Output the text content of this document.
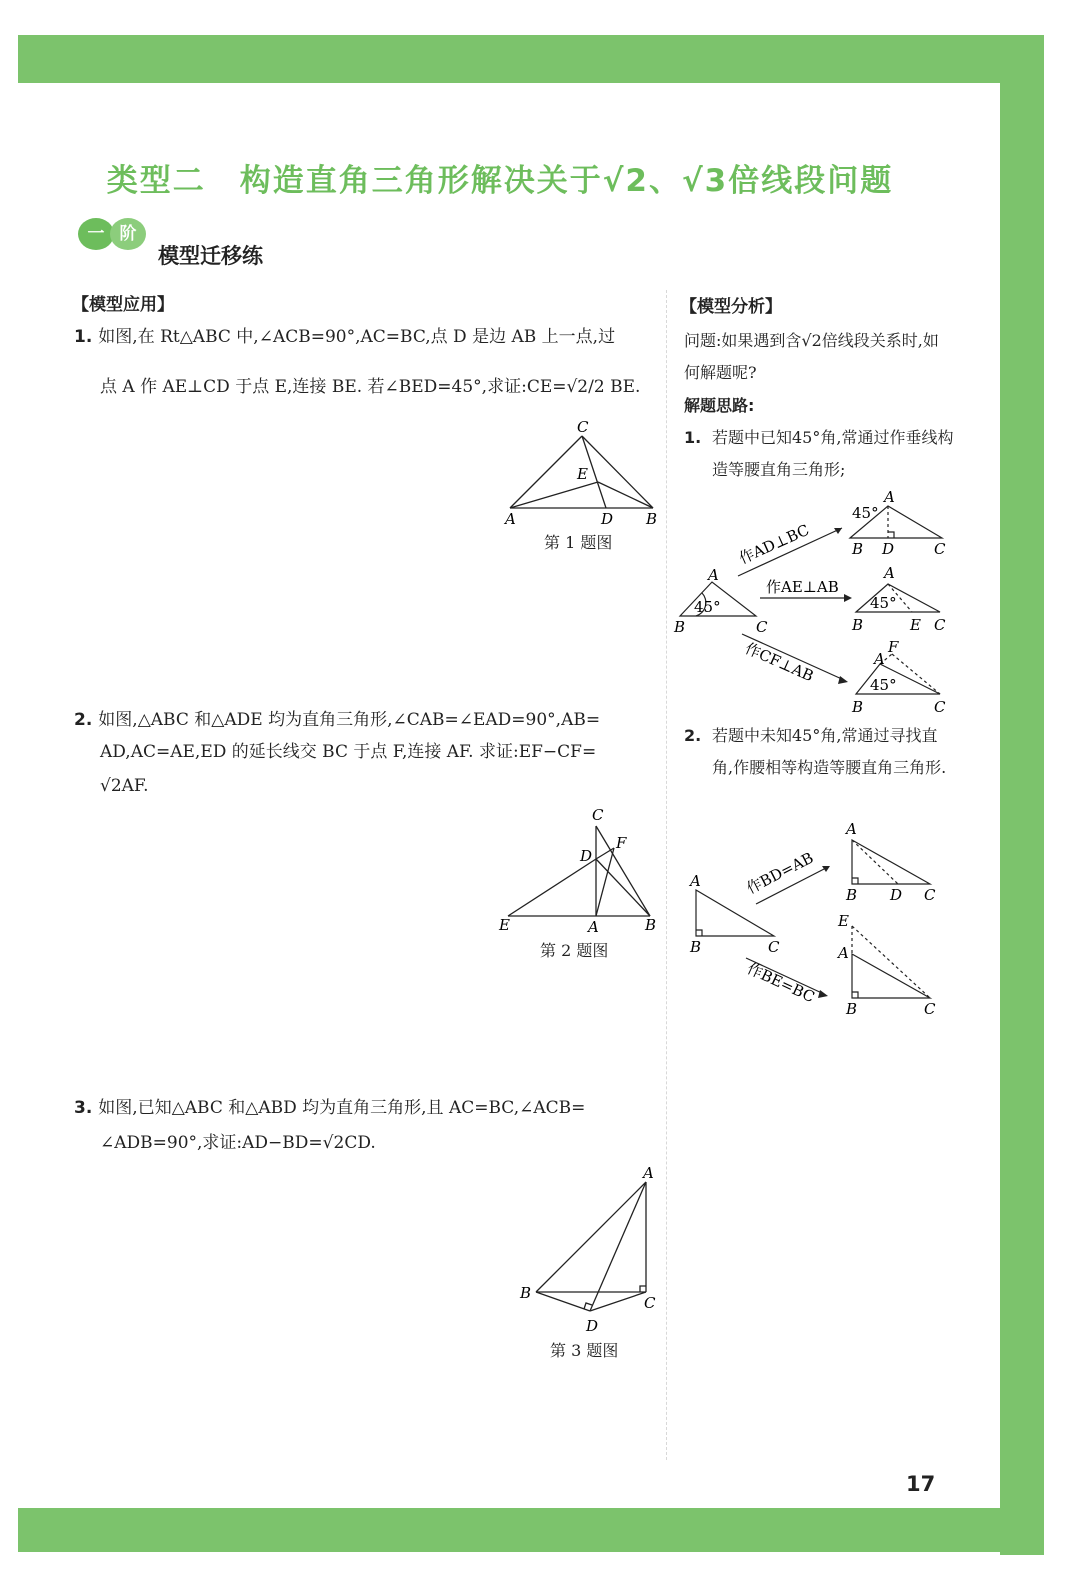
类型二 构造直角三角形解决关于√2、√3倍线段问题
一 阶
模型迁移练
【模型应用】
1. 如图,在 Rt△ABC 中,∠ACB=90°,AC=BC,点 D 是边 AB 上一点,过
点 A 作 AE⊥CD 于点 E,连接 BE. 若∠BED=45°,求证:CE=√2/2 BE.
C
E
A	D B
第 1 题图
2. 如图,△ABC 和△ADE 均为直角三角形,∠CAB=∠EAD=90°,AB=
AD,AC=AE,ED 的延长线交 BC 于点 F,连接 AF. 求证:EF−CF=
√2AF.
C
F
D
E	A	B
第 2 题图
3. 如图,已知△ABC 和△ABD 均为直角三角形,且 AC=BC,∠ACB=
∠ADB=90°,求证:AD−BD=√2CD.
A
B
C
D
第 3 题图
【模型分析】
问题:如果遇到含√2倍线段关系时,如何解题呢?
解题思路:
1. 若题中已知45°角,常通过作垂线构造等腰直角三角形;
A
B	C
45°
A
45°
B D	C
A
45°
B	E C
F
A
45°
B	C
作AD⊥BC
作AE⊥AB
作CF⊥AB
2. 若题中未知45°角,常通过寻找直角,作腰相等构造等腰直角三角形.
A
B	C
A
B D C
E
A
B	C
作BD=AB
作BE=BC
17
